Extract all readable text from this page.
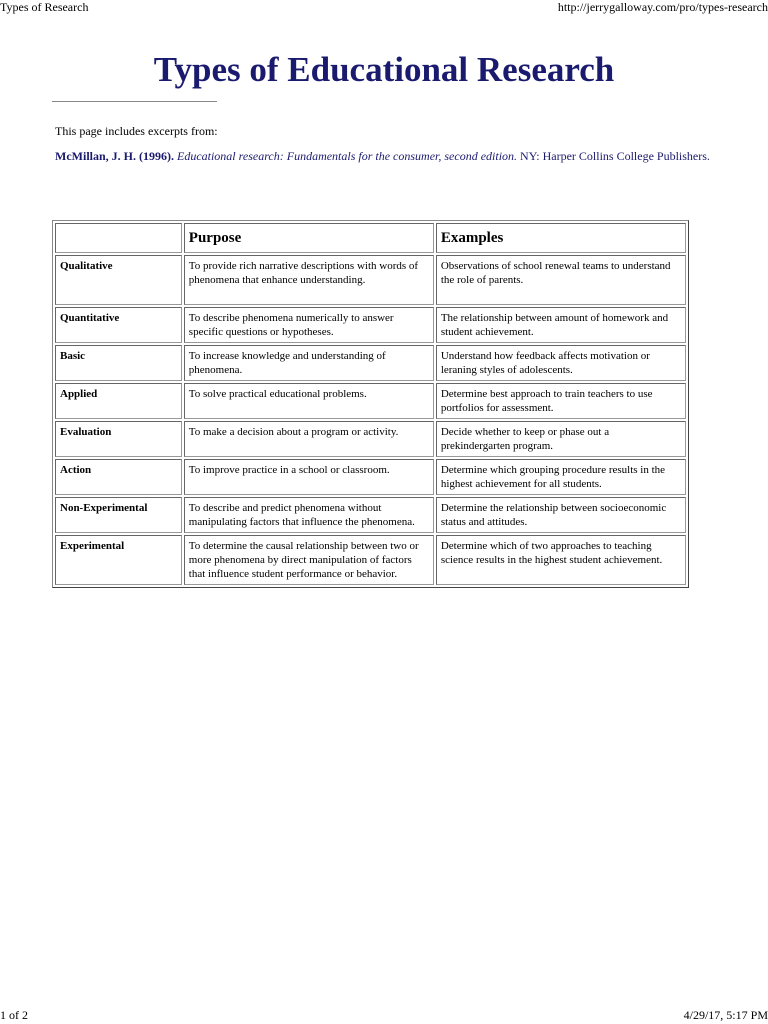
Types of Research	http://jerrygalloway.com/pro/types-research
Types of Educational Research
This page includes excerpts from:
McMillan, J. H. (1996). Educational research: Fundamentals for the consumer, second edition. NY: Harper Collins College Publishers.
	Purpose	Examples
Qualitative	To provide rich narrative descriptions with words of phenomena that enhance understanding.	Observations of school renewal teams to understand the role of parents.
Quantitative	To describe phenomena numerically to answer specific questions or hypotheses.	The relationship between amount of homework and student achievement.
Basic	To increase knowledge and understanding of phenomena.	Understand how feedback affects motivation or leraning styles of adolescents.
Applied	To solve practical educational problems.	Determine best approach to train teachers to use portfolios for assessment.
Evaluation	To make a decision about a program or activity.	Decide whether to keep or phase out a prekindergarten program.
Action	To improve practice in a school or classroom.	Determine which grouping procedure results in the highest achievement for all students.
Non-Experimental	To describe and predict phenomena without manipulating factors that influence the phenomena.	Determine the relationship between socioeconomic status and attitudes.
Experimental	To determine the causal relationship between two or more phenomena by direct manipulation of factors that influence student performance or behavior.	Determine which of two approaches to teaching science results in the highest student achievement.
1 of 2	4/29/17, 5:17 PM
